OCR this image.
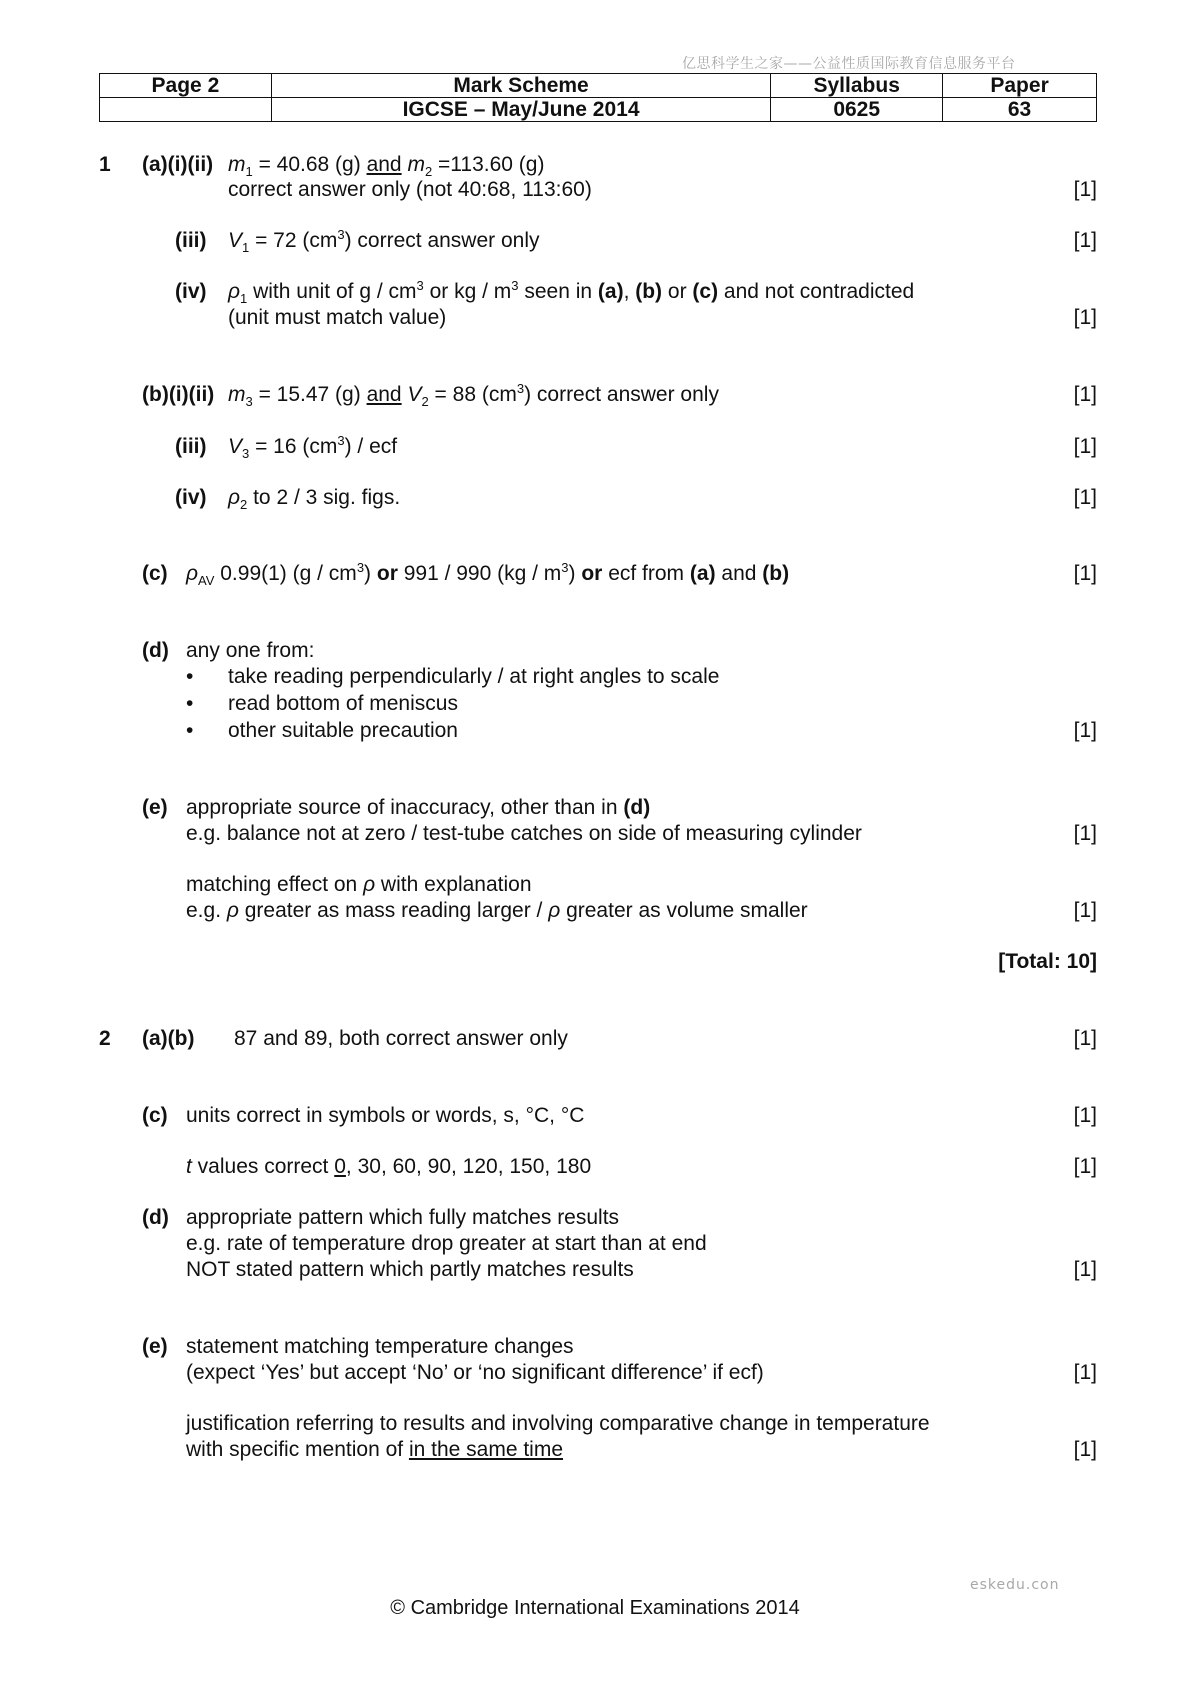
亿思科学生之家——公益性质国际教育信息服务平台
Page 2	Mark Scheme	Syllabus	Paper
	IGCSE – May/June 2014	0625	63
1 (a)(i)(ii) $m_1 = 40.68$ (g) and $m_2 =113.60$ (g)
correct answer only (not 40:68, 113:60)	[1]
(iii) $V_1 = 72$ $(cm^3)$ correct answer only	[1]
(iv) $\rho_1$ with unit of g / $cm^3$ or kg / $m^3$ seen in (a), (b) or (c) and not contradicted
(unit must match value)	[1]
(b)(i)(ii) $m_3 = 15.47$ (g) and $V_2 = 88$ $(cm^3)$ correct answer only	[1]
(iii) $V_3 = 16$ $(cm^3)$ / ecf	[1]
(iv) $\rho_2$ to 2 / 3 sig. figs.	[1]
(c) $\rho_{AV}$ 0.99(1) $(g / cm^3)$ or 991 / 990 $(kg / m^3)$ or ecf from (a) and (b)	[1]
(d) any one from:
• take reading perpendicularly / at right angles to scale
• read bottom of meniscus
• other suitable precaution	[1]
(e) appropriate source of inaccuracy, other than in (d)
e.g. balance not at zero / test-tube catches on side of measuring cylinder	[1]
matching effect on ρ with explanation
e.g. ρ greater as mass reading larger / ρ greater as volume smaller	[1]
[Total: 10]
2 (a)(b) 87 and 89, both correct answer only	[1]
(c) units correct in symbols or words, s, °C, °C	[1]
t values correct 0, 30, 60, 90, 120, 150, 180	[1]
(d) appropriate pattern which fully matches results
e.g. rate of temperature drop greater at start than at end
NOT stated pattern which partly matches results	[1]
(e) statement matching temperature changes
(expect ‘Yes’ but accept ‘No’ or ‘no significant difference’ if ecf)	[1]
justification referring to results and involving comparative change in temperature
with specific mention of in the same time	[1]
eskedu.con
© Cambridge International Examinations 2014
